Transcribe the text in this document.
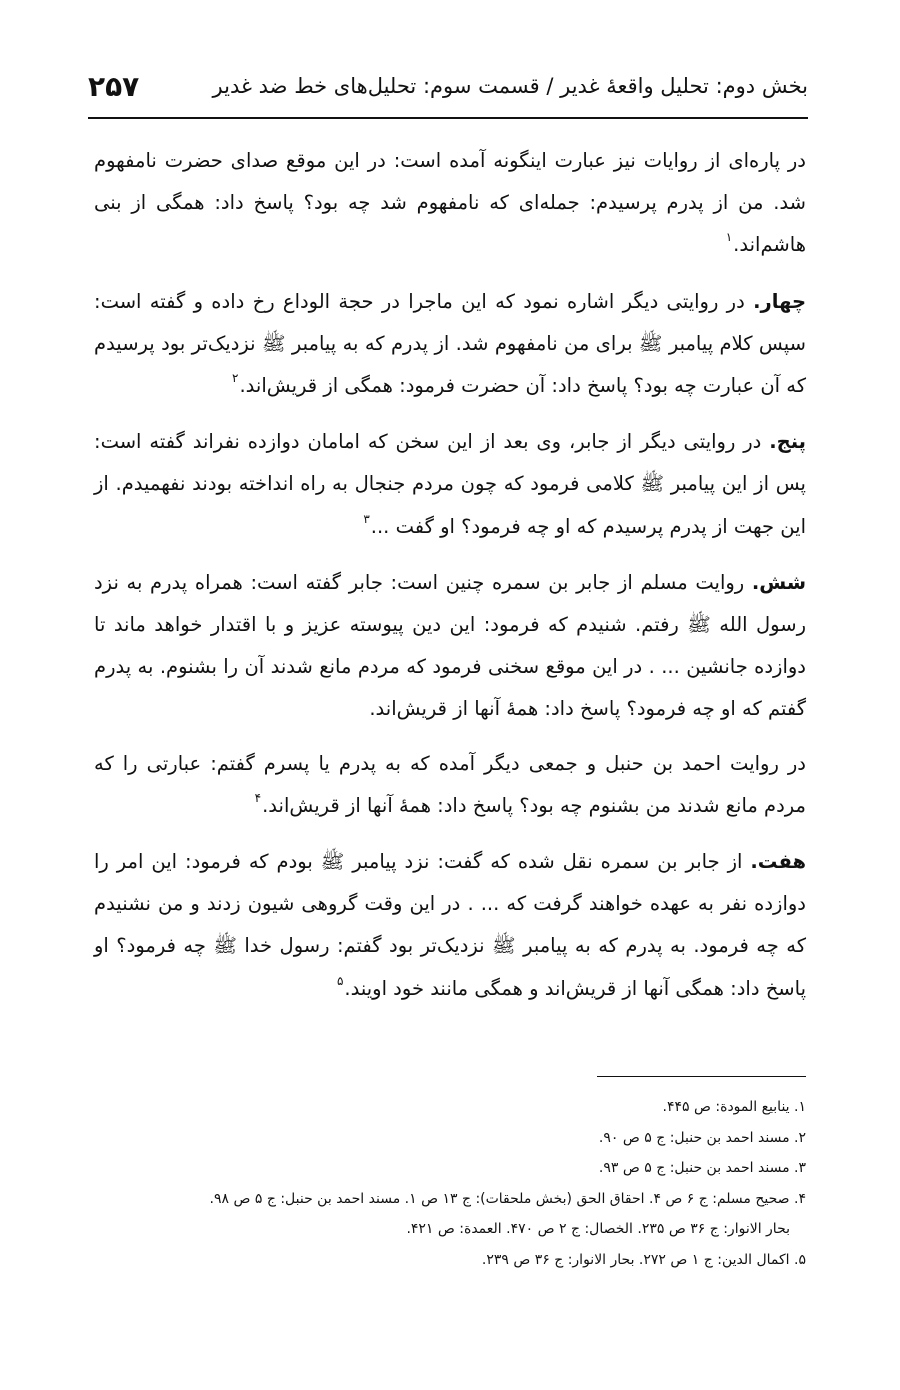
بخش دوم: تحلیل واقعهٔ غدیر / قسمت سوم: تحلیل‌های خط ضد غدیر
۲۵۷

در پاره‌ای از روایات نیز عبارت اینگونه آمده است: در این موقع صدای حضرت نامفهوم شد. من از پدرم پرسیدم: جمله‌ای که نامفهوم شد چه بود؟ پاسخ داد: همگی از بنی هاشم‌اند.$^۱$

چهار. در روایتی دیگر اشاره نمود که این ماجرا در حجة الوداع رخ داده و گفته است: سپس کلام پیامبر ﷺ برای من نامفهوم شد. از پدرم که به پیامبر ﷺ نزدیک‌تر بود پرسیدم که آن عبارت چه بود؟ پاسخ داد: آن حضرت فرمود: همگی از قریش‌اند.$^۲$

پنج. در روایتی دیگر از جابر، وی بعد از این سخن که امامان دوازده نفراند گفته است: پس از این پیامبر ﷺ کلامی فرمود که چون مردم جنجال به راه انداخته بودند نفهمیدم. از این جهت از پدرم پرسیدم که او چه فرمود؟ او گفت ...$^۳$

شش. روایت مسلم از جابر بن سمره چنین است: جابر گفته است: همراه پدرم به نزد رسول الله ﷺ رفتم. شنیدم که فرمود: این دین پیوسته عزیز و با اقتدار خواهد ماند تا دوازده جانشین ... . در این موقع سخنی فرمود که مردم مانع شدند آن را بشنوم. به پدرم گفتم که او چه فرمود؟ پاسخ داد: همهٔ آنها از قریش‌اند.

در روایت احمد بن حنبل و جمعی دیگر آمده که به پدرم یا پسرم گفتم: عبارتی را که مردم مانع شدند من بشنوم چه بود؟ پاسخ داد: همهٔ آنها از قریش‌اند.$^۴$

هفت. از جابر بن سمره نقل شده که گفت: نزد پیامبر ﷺ بودم که فرمود: این امر را دوازده نفر به عهده خواهند گرفت که ... . در این وقت گروهی شیون زدند و من نشنیدم که چه فرمود. به پدرم که به پیامبر ﷺ نزدیک‌تر بود گفتم: رسول خدا ﷺ چه فرمود؟ او پاسخ داد: همگی آنها از قریش‌اند و همگی مانند خود اویند.$^۵$

۱. ینابیع المودة: ص ۴۴۵.

۲. مسند احمد بن حنبل: ج ۵ ص ۹۰.

۳. مسند احمد بن حنبل: ج ۵ ص ۹۳.

۴. صحیح مسلم: ج ۶ ص ۴. احقاق الحق (بخش ملحقات): ج ۱۳ ص ۱. مسند احمد بن حنبل: ج ۵ ص ۹۸.

بحار الانوار: ج ۳۶ ص ۲۳۵. الخصال: ج ۲ ص ۴۷۰. العمدة: ص ۴۲۱.

۵. اکمال الدین: ج ۱ ص ۲۷۲. بحار الانوار: ج ۳۶ ص ۲۳۹.
